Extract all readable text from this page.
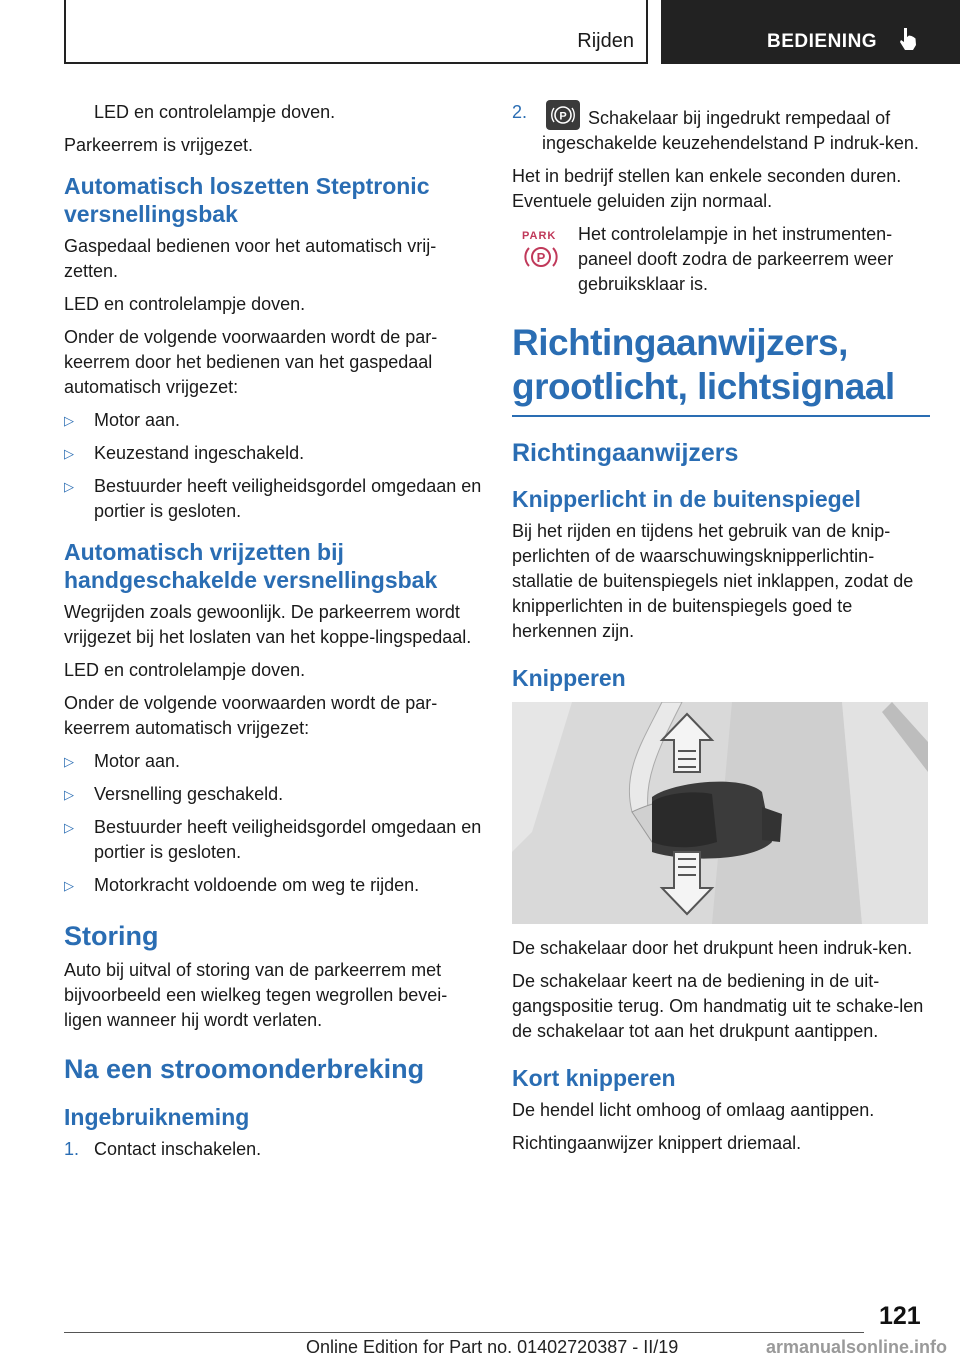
Rijden	BEDIENING

LED en controlelampje doven.

Parkeerrem is vrijgezet.

Automatisch loszetten Steptronic versnellingsbak

Gaspedaal bedienen voor het automatisch vrij-zetten.

LED en controlelampje doven.

Onder de volgende voorwaarden wordt de par-keerrem door het bedienen van het gaspedaal automatisch vrijgezet:

▷	Motor aan.
▷	Keuzestand ingeschakeld.
▷	Bestuurder heeft veiligheidsgordel omgedaan en portier is gesloten.
Automatisch vrijzetten bij handgeschakelde versnellingsbak

Wegrijden zoals gewoonlijk. De parkeerrem wordt vrijgezet bij het loslaten van het koppe-lingspedaal.

LED en controlelampje doven.

Onder de volgende voorwaarden wordt de par-keerrem automatisch vrijgezet:

▷	Motor aan.
▷	Versnelling geschakeld.
▷	Bestuurder heeft veiligheidsgordel omgedaan en portier is gesloten.
▷	Motorkracht voldoende om weg te rijden.
Storing

Auto bij uitval of storing van de parkeerrem met bijvoorbeeld een wielkeg tegen wegrollen bevei-ligen wanneer hij wordt verlaten.

Na een stroomonderbreking
Ingebruikneming
1. Contact inschakelen.
2.	P Schakelaar bij ingedrukt rempedaal of ingeschakelde keuzehendelstand P indruk-ken.

Het in bedrijf stellen kan enkele seconden duren. Eventuele geluiden zijn normaal.

PARK
P
Het controlelampje in het instrumenten-paneel dooft zodra de parkeerrem weer gebruiksklaar is.
Richtingaanwijzers, grootlicht, lichtsignaal
Richtingaanwijzers
Knipperlicht in de buitenspiegel

Bij het rijden en tijdens het gebruik van de knip-perlichten of de waarschuwingsknipperlichtin-stallatie de buitenspiegels niet inklappen, zodat de knipperlichten in de buitenspiegels goed te herkennen zijn.

Knipperen

De schakelaar door het drukpunt heen indruk-ken.

De schakelaar keert na de bediening in de uit-gangspositie terug. Om handmatig uit te schake-len de schakelaar tot aan het drukpunt aantippen.

Kort knipperen

De hendel licht omhoog of omlaag aantippen.

Richtingaanwijzer knippert driemaal.

121
Online Edition for Part no. 01402720387 - II/19	armanualsonline.info
